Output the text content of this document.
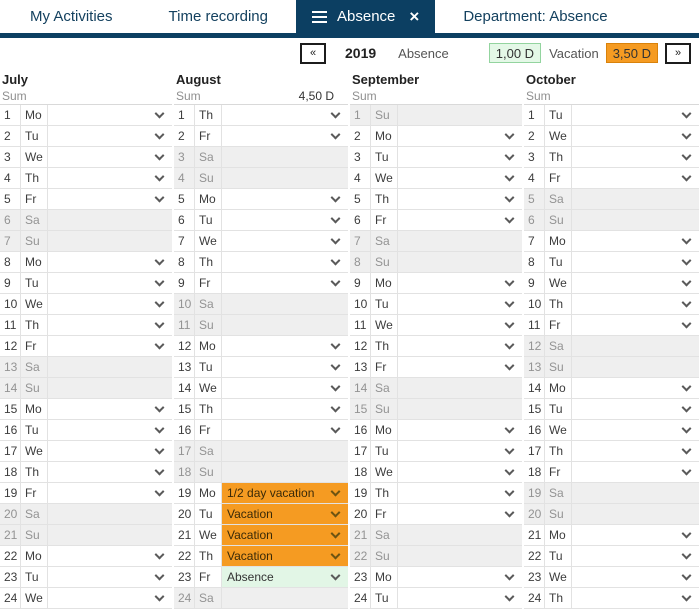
My Activities	Time recording	Absence ×	Department: Absence
«	2019 Absence	1,00 D	Vacation	3,50 D	»
July
Sum
1	Mo
2	Tu
3	We
4	Th
5	Fr
6	Sa
7	Su
8	Mo
9	Tu
10 We
11 Th
12 Fr
13 Sa
14 Su
15 Mo
16 Tu
17 We
18 Th
19 Fr
20 Sa
21 Su
22 Mo
23 Tu
24 We
August
Sum	4,50 D
1	Th
2	Fr
3	Sa
4	Su
5	Mo
6	Tu
7	We
8	Th
9	Fr
10 Sa
11 Su
12 Mo
13 Tu
14 We
15 Th
16 Fr
17 Sa
18 Su
19 Mo 1/2 day vacation
20 Tu	Vacation
21 We Vacation
22 Th	Vacation
23 Fr	Absence
24 Sa
September
Sum
1	Su
2	Mo
3	Tu
4	We
5	Th
6	Fr
7	Sa
8	Su
9	Mo
10 Tu
11 We
12 Th
13 Fr
14 Sa
15 Su
16 Mo
17 Tu
18 We
19 Th
20 Fr
21 Sa
22 Su
23 Mo
24 Tu
October
Sum
1	Tu
2	We
3	Th
4	Fr
5	Sa
6	Su
7	Mo
8	Tu
9	We
10 Th
11 Fr
12 Sa
13 Su
14 Mo
15 Tu
16 We
17 Th
18 Fr
19 Sa
20 Su
21 Mo
22 Tu
23 We
24 Th
